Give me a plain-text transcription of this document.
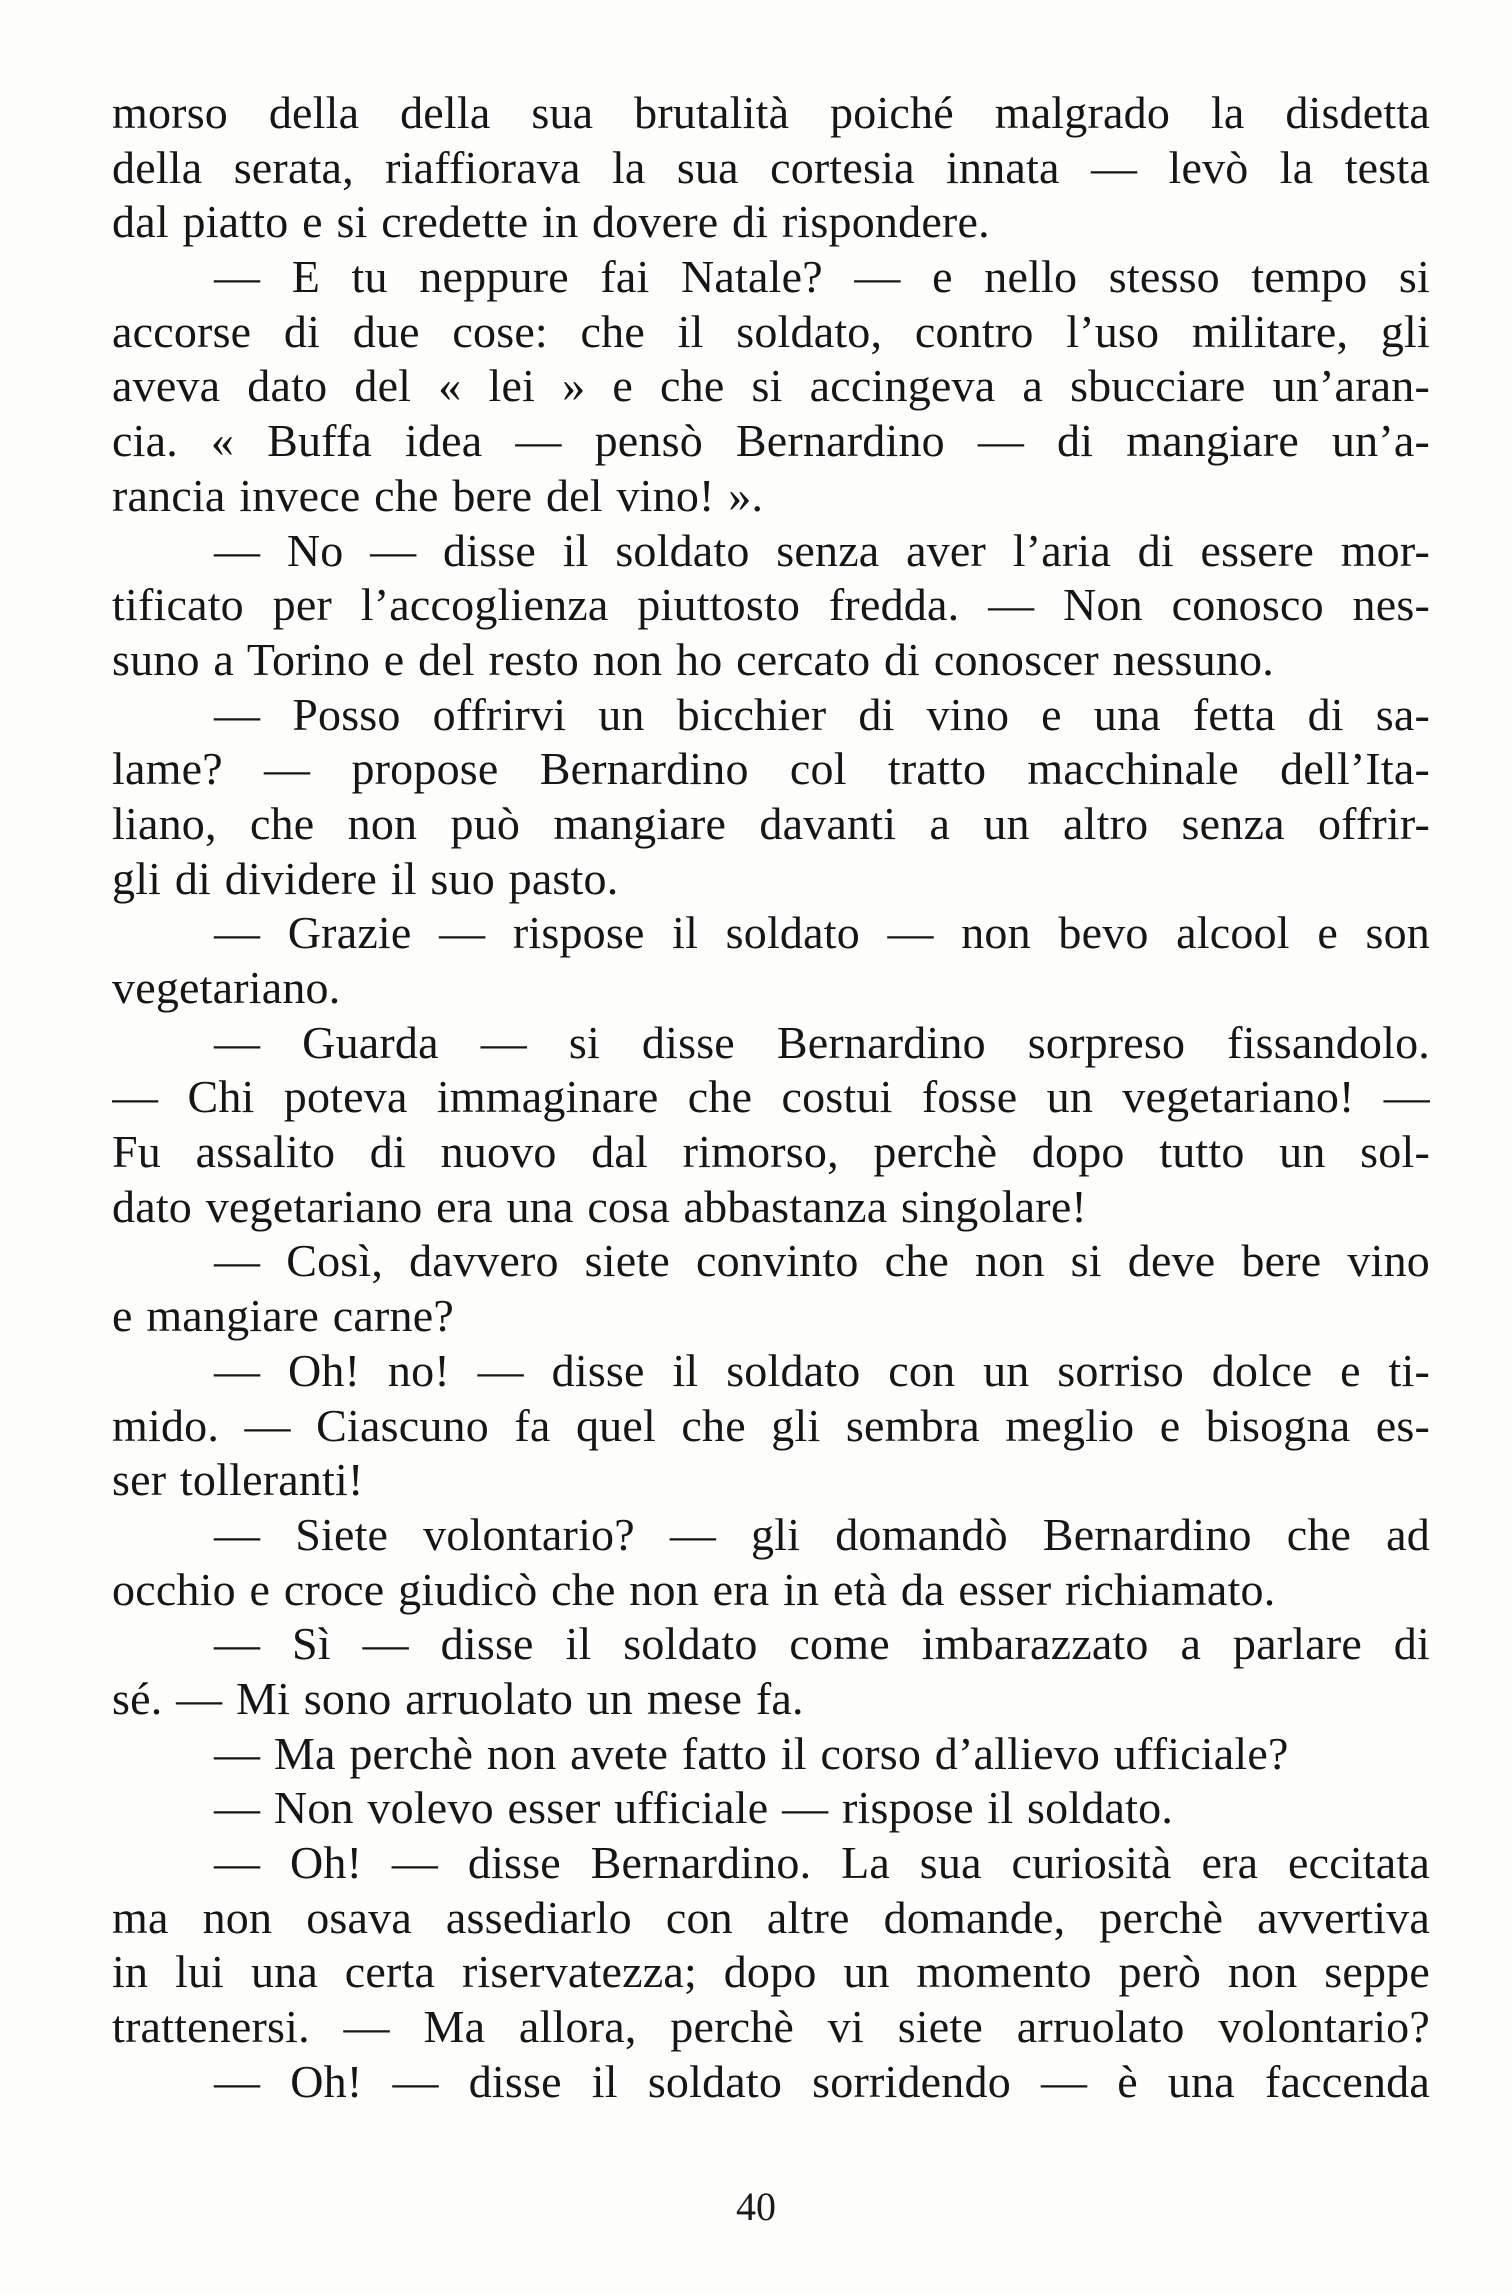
morso della della sua brutalità poiché malgrado la disdetta
della serata, riaffiorava la sua cortesia innata — levò la testa
dal piatto e si credette in dovere di rispondere.
— E tu neppure fai Natale? — e nello stesso tempo si
accorse di due cose: che il soldato, contro l’uso militare, gli
aveva dato del « lei » e che si accingeva a sbucciare un’aran-
cia. « Buffa idea — pensò Bernardino — di mangiare un’a-
rancia invece che bere del vino! ».
— No — disse il soldato senza aver l’aria di essere mor-
tificato per l’accoglienza piuttosto fredda. — Non conosco nes-
suno a Torino e del resto non ho cercato di conoscer nessuno.
— Posso offrirvi un bicchier di vino e una fetta di sa-
lame? — propose Bernardino col tratto macchinale dell’Ita-
liano, che non può mangiare davanti a un altro senza offrir-
gli di dividere il suo pasto.
— Grazie — rispose il soldato — non bevo alcool e son
vegetariano.
— Guarda — si disse Bernardino sorpreso fissandolo.
— Chi poteva immaginare che costui fosse un vegetariano! —
Fu assalito di nuovo dal rimorso, perchè dopo tutto un sol-
dato vegetariano era una cosa abbastanza singolare!
— Così, davvero siete convinto che non si deve bere vino
e mangiare carne?
— Oh! no! — disse il soldato con un sorriso dolce e ti-
mido. — Ciascuno fa quel che gli sembra meglio e bisogna es-
ser tolleranti!
— Siete volontario? — gli domandò Bernardino che ad
occhio e croce giudicò che non era in età da esser richiamato.
— Sì — disse il soldato come imbarazzato a parlare di
sé. — Mi sono arruolato un mese fa.
— Ma perchè non avete fatto il corso d’allievo ufficiale?
— Non volevo esser ufficiale — rispose il soldato.
— Oh! — disse Bernardino. La sua curiosità era eccitata
ma non osava assediarlo con altre domande, perchè avvertiva
in lui una certa riservatezza; dopo un momento però non seppe
trattenersi. — Ma allora, perchè vi siete arruolato volontario?
— Oh! — disse il soldato sorridendo — è una faccenda
40
